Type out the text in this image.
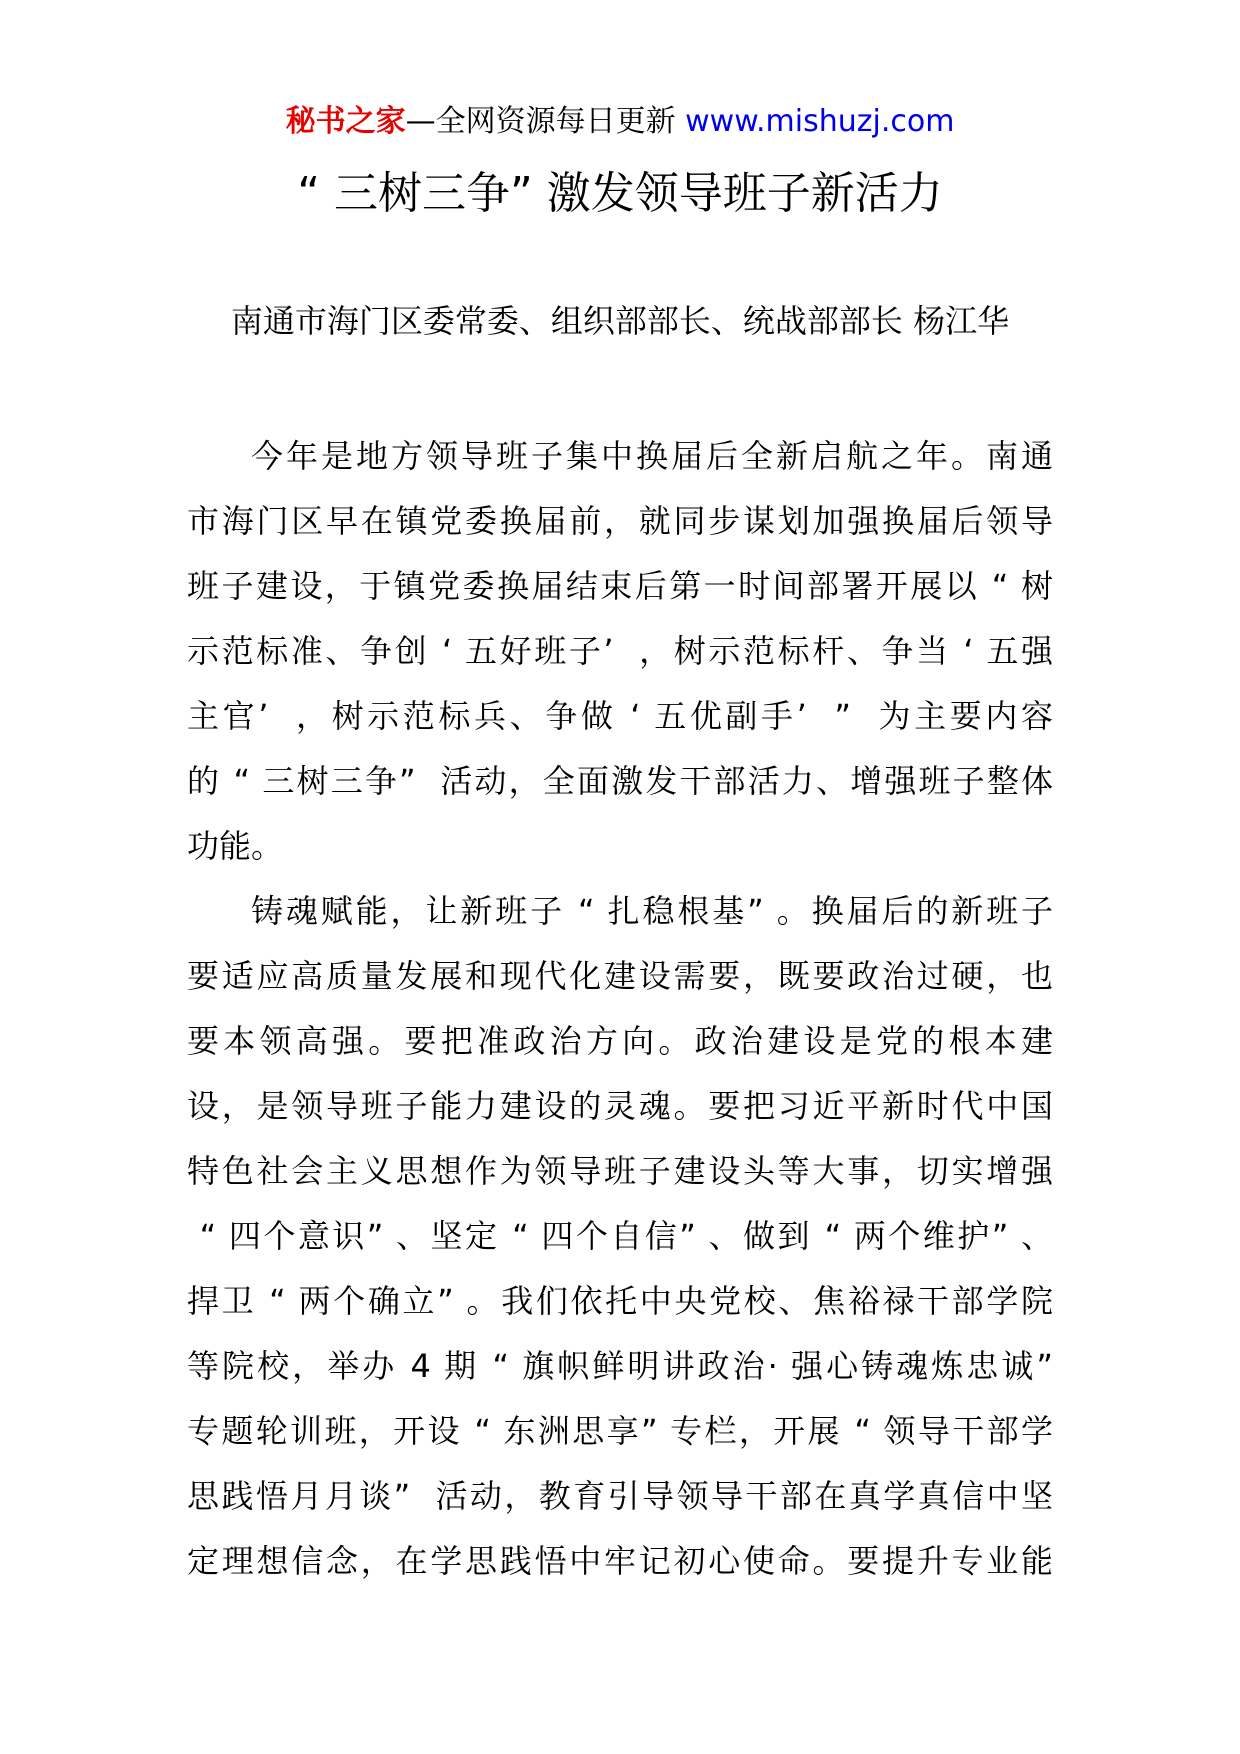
秘书之家—全网资源每日更新 www.mishuzj.com
“ 三树三争” 激发领导班子新活力
南通市海门区委常委、组织部部长、统战部部长 杨江华
今年是地方领导班子集中换届后全新启航之年。南通
市海门区早在镇党委换届前，就同步谋划加强换届后领导
班子建设，于镇党委换届结束后第一时间部署开展以 “ 树
示范标准、争创 ‘ 五好班子’  ，树示范标杆、争当 ‘ 五强
主官’  ，树示范标兵、争做 ‘ 五优副手’  ”  为主要内容
的 “ 三树三争”  活动，全面激发干部活力、增强班子整体
功能。
铸魂赋能，让新班子 “ 扎稳根基” 。换届后的新班子
要适应高质量发展和现代化建设需要，既要政治过硬，也
要本领高强。要把准政治方向。政治建设是党的根本建
设，是领导班子能力建设的灵魂。要把习近平新时代中国
特色社会主义思想作为领导班子建设头等大事，切实增强
“ 四个意识” 、坚定 “ 四个自信” 、做到 “ 两个维护” 、
捍卫 “ 两个确立” 。我们依托中央党校、焦裕禄干部学院
等院校，举办 4 期 “ 旗帜鲜明讲政治· 强心铸魂炼忠诚”
专题轮训班，开设 “ 东洲思享” 专栏，开展 “ 领导干部学
思践悟月月谈”  活动，教育引导领导干部在真学真信中坚
定理想信念，在学思践悟中牢记初心使命。要提升专业能
